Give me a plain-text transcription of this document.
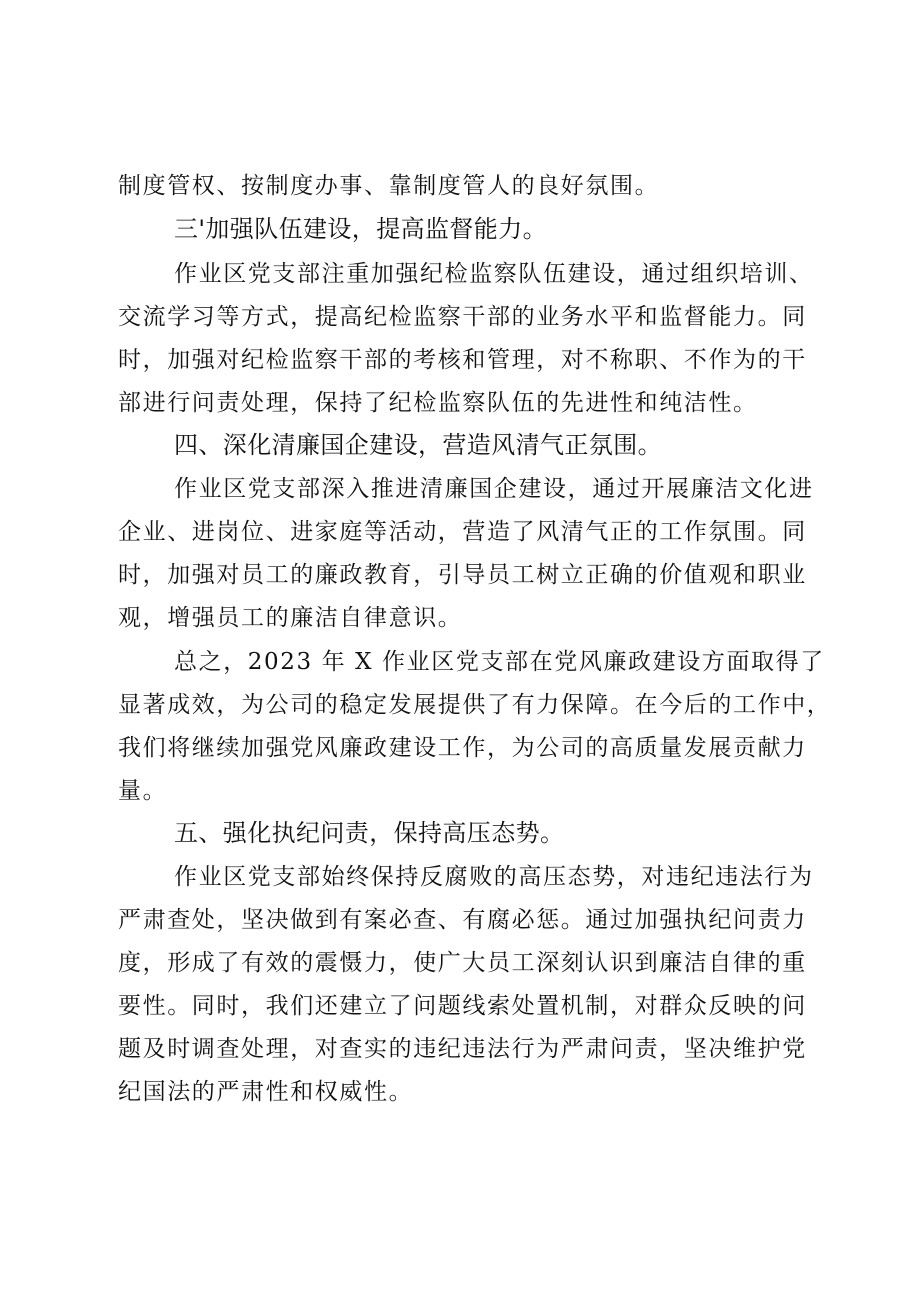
制度管权、按制度办事、靠制度管人的良好氛围。
三'加强队伍建设，提高监督能力。
作业区党支部注重加强纪检监察队伍建设，通过组织培训、
交流学习等方式，提高纪检监察干部的业务水平和监督能力。同
时，加强对纪检监察干部的考核和管理，对不称职、不作为的干
部进行问责处理，保持了纪检监察队伍的先进性和纯洁性。
四、深化清廉国企建设，营造风清气正氛围。
作业区党支部深入推进清廉国企建设，通过开展廉洁文化进
企业、进岗位、进家庭等活动，营造了风清气正的工作氛围。同
时，加强对员工的廉政教育，引导员工树立正确的价值观和职业
观，增强员工的廉洁自律意识。
总之，2023 年 X 作业区党支部在党风廉政建设方面取得了
显著成效，为公司的稳定发展提供了有力保障。在今后的工作中，
我们将继续加强党风廉政建设工作，为公司的高质量发展贡献力
量。
五、强化执纪问责，保持高压态势。
作业区党支部始终保持反腐败的高压态势，对违纪违法行为
严肃查处，坚决做到有案必查、有腐必惩。通过加强执纪问责力
度，形成了有效的震慑力，使广大员工深刻认识到廉洁自律的重
要性。同时，我们还建立了问题线索处置机制，对群众反映的问
题及时调查处理，对查实的违纪违法行为严肃问责，坚决维护党
纪国法的严肃性和权威性。
